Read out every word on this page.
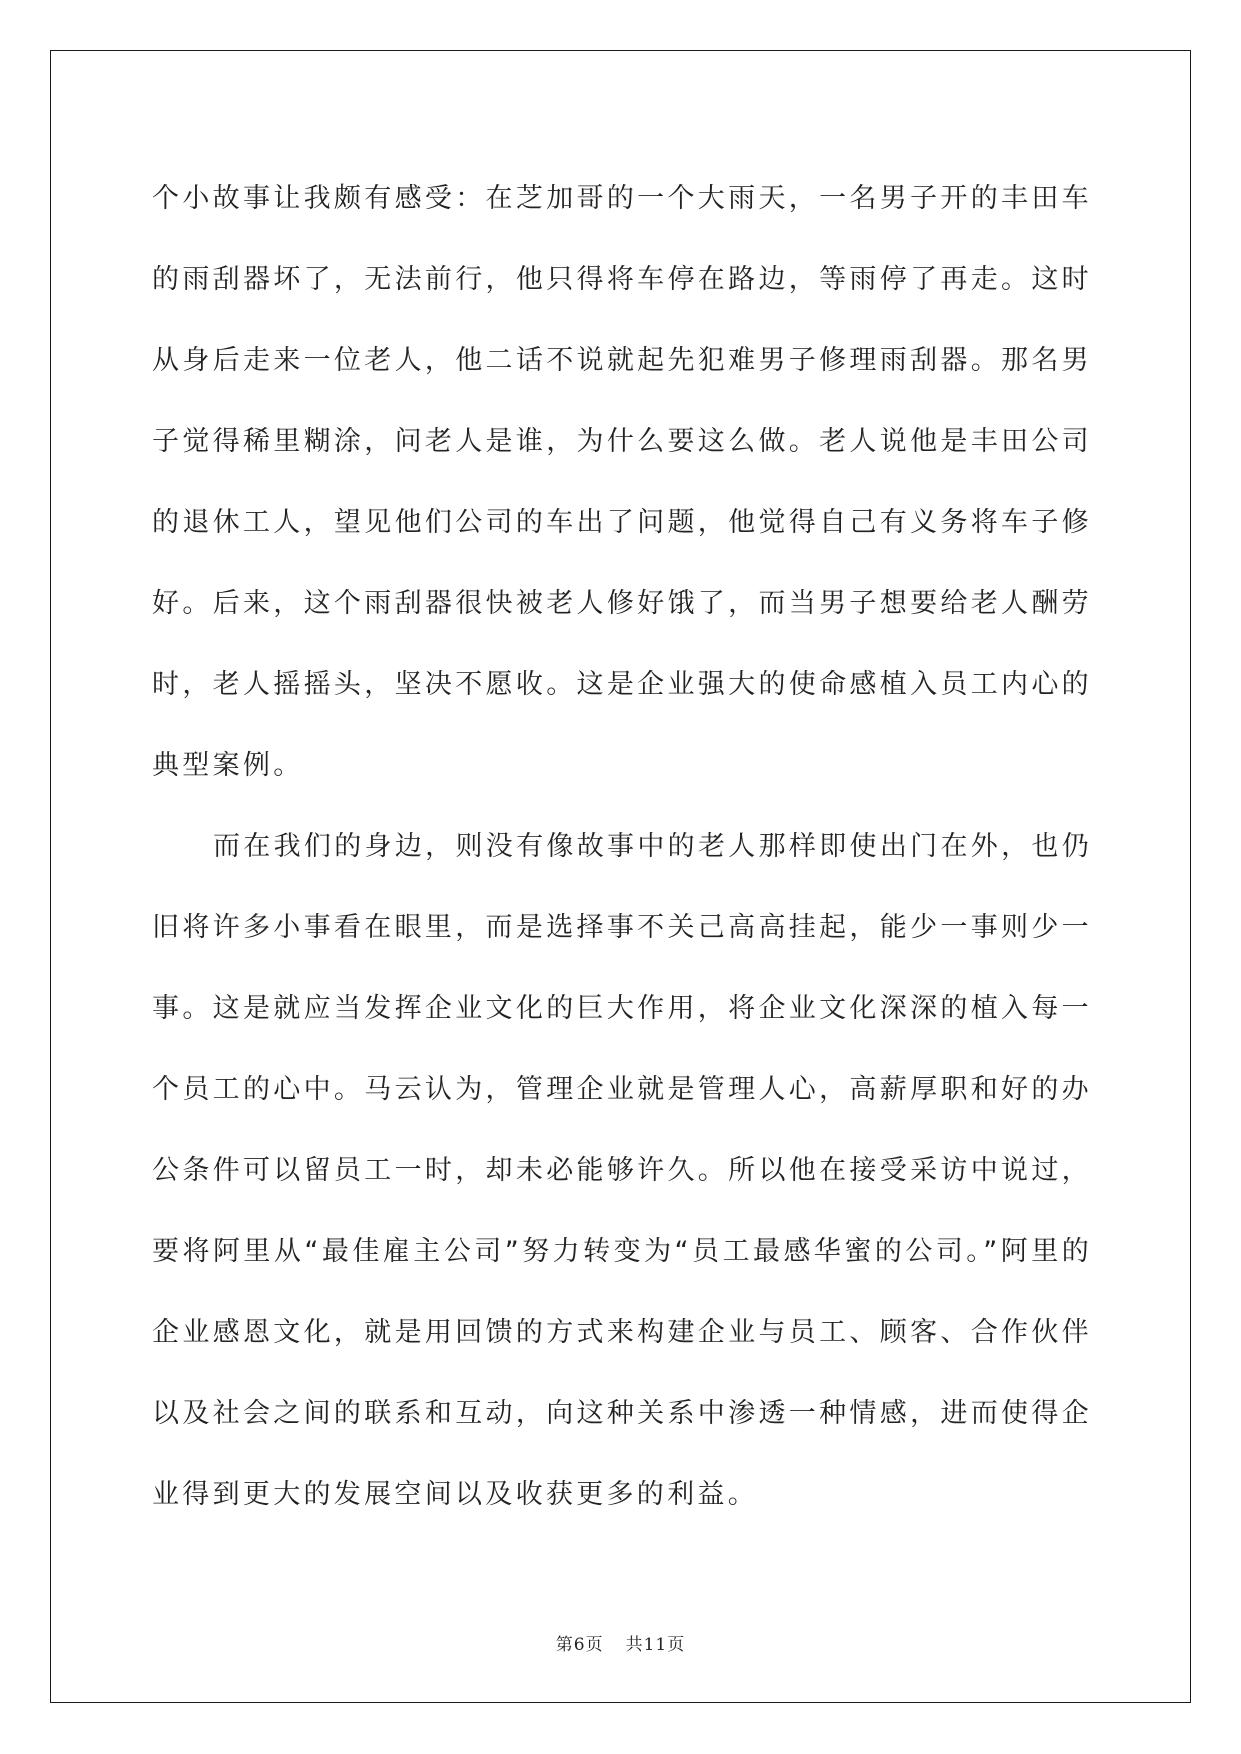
个小故事让我颇有感受：在芝加哥的一个大雨天，一名男子开的丰田车的雨刮器坏了，无法前行，他只得将车停在路边，等雨停了再走。这时从身后走来一位老人，他二话不说就起先犯难男子修理雨刮器。那名男子觉得稀里糊涂，问老人是谁，为什么要这么做。老人说他是丰田公司的退休工人，望见他们公司的车出了问题，他觉得自己有义务将车子修好。后来，这个雨刮器很快被老人修好饿了，而当男子想要给老人酬劳时，老人摇摇头，坚决不愿收。这是企业强大的使命感植入员工内心的典型案例。

而在我们的身边，则没有像故事中的老人那样即使出门在外，也仍旧将许多小事看在眼里，而是选择事不关己高高挂起，能少一事则少一事。这是就应当发挥企业文化的巨大作用，将企业文化深深的植入每一个员工的心中。马云认为，管理企业就是管理人心，高薪厚职和好的办公条件可以留员工一时，却未必能够许久。所以他在接受采访中说过，要将阿里从“最佳雇主公司”努力转变为“员工最感华蜜的公司。”阿里的企业感恩文化，就是用回馈的方式来构建企业与员工、顾客、合作伙伴以及社会之间的联系和互动，向这种关系中渗透一种情感，进而使得企业得到更大的发展空间以及收获更多的利益。

第6页 共11页
